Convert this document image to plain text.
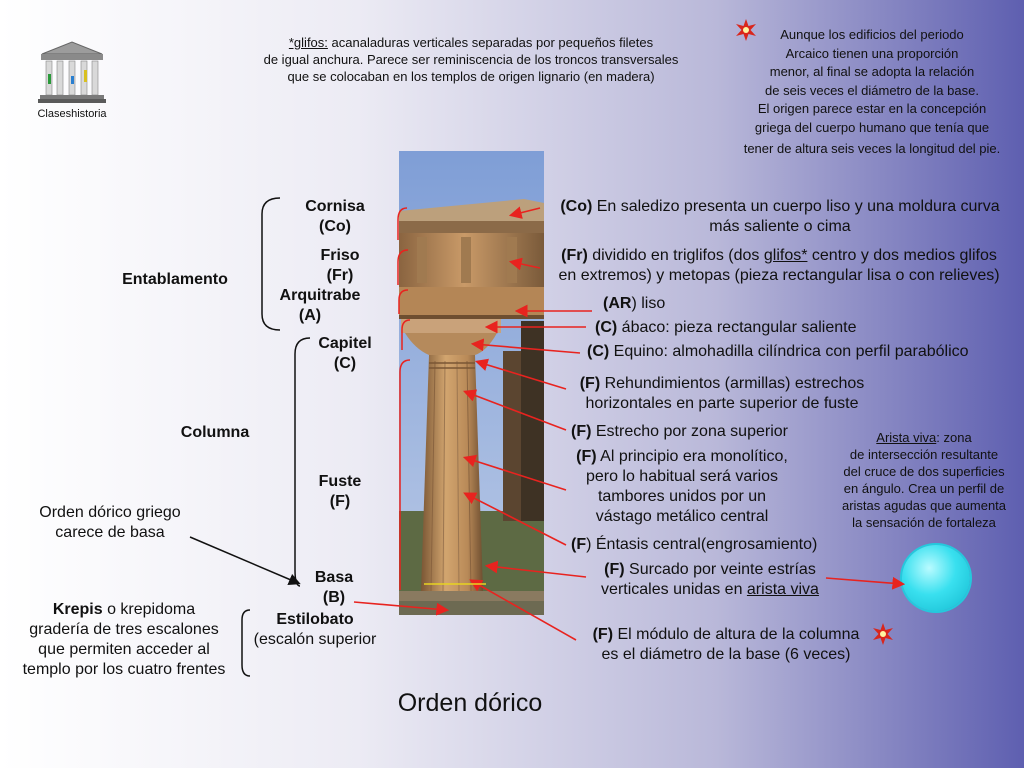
Claseshistoria
*glifos: acanaladuras verticales separadas por pequeños filetes
de igual anchura. Parece ser reminiscencia de los troncos transversales
que se colocaban en los templos de origen lignario (en madera)
Aunque los edificios del periodo
Arcaico tienen una proporción
menor, al final se adopta la relación
de seis veces el diámetro de la base.
El origen parece estar en la concepción
griega del cuerpo humano que tenía que
tener de altura seis veces la longitud del pie.
Entablamento
Cornisa
(Co)
Friso
(Fr)
Arquitrabe
(A)
Columna
Capitel
(C)
Fuste
(F)
Basa
(B)
Estilobato
(escalón superior
Orden dórico griego
carece de basa
Krepis o krepidoma
gradería de tres escalones
que permiten acceder al
templo por los cuatro frentes
(Co) En saledizo presenta un cuerpo liso y una moldura curva
más saliente o cima
(Fr) dividido en triglifos (dos glifos* centro y dos medios glifos
en extremos) y metopas (pieza rectangular lisa o con relieves)
(AR) liso
(C) ábaco: pieza rectangular saliente
(C) Equino: almohadilla cilíndrica con perfil parabólico
(F) Rehundimientos (armillas) estrechos
horizontales en parte superior de fuste
(F) Estrecho por zona superior
(F) Al principio era monolítico,
pero lo habitual será varios
tambores unidos por un
vástago metálico central
(F) Éntasis central(engrosamiento)
(F) Surcado por veinte estrías
verticales unidas en arista viva
(F) El módulo de altura de la columna
es el diámetro de la base (6 veces)
Arista viva: zona
de intersección resultante
del cruce de dos superficies
en ángulo. Crea un perfil de
aristas agudas que aumenta
la sensación de fortaleza
Orden dórico
